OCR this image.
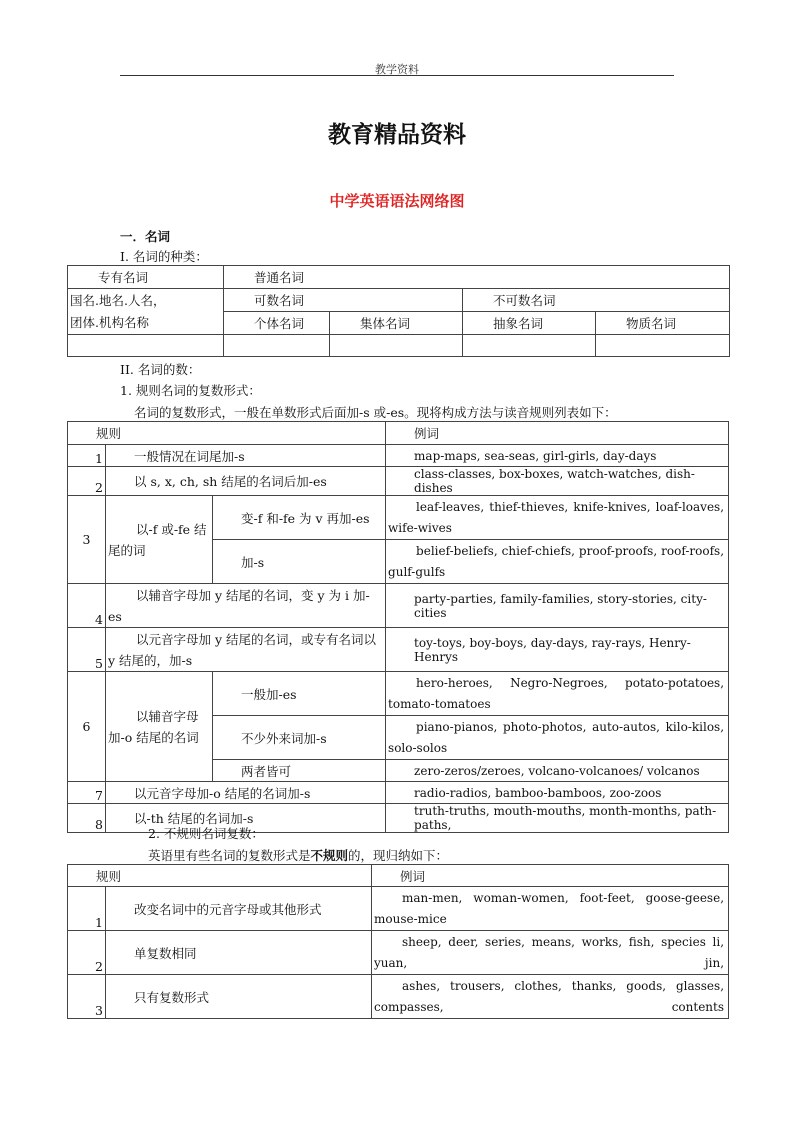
教学资料
教育精品资料
中学英语语法网络图
一．名词
I. 名词的种类：
专有名词	普通名词			

国名.地名.人名，
团体.机构名称	可数名词		不可数名词	
	个体名词	集体名词	抽象名词	物质名词

II. 名词的数：
1. 规则名词的复数形式：
名词的复数形式，一般在单数形式后面加-s 或-es。现将构成方法与读音规则列表如下：
规则			例词
1	一般情况在词尾加-s		map-maps, sea-seas, girl-girls, day-days
2	以 s, x, ch, sh 结尾的名词后加-es		class-classes, box-boxes, watch-watches, dish-dishes
3	以-f 或-fe 结尾的词	变-f 和-fe 为 v 再加-es	leaf-leaves, thief-thieves, knife-knives, loaf-loaves, wife-wives
		加-s	belief-beliefs, chief-chiefs, proof-proofs, roof-roofs, gulf-gulfs
4	以辅音字母加 y 结尾的名词，变 y 为 i 加-es		party-parties, family-families, story-stories, city-cities
5	以元音字母加 y 结尾的名词，或专有名词以 y 结尾的，加-s		toy-toys, boy-boys, day-days, ray-rays, Henry-Henrys
6	以辅音字母加-o 结尾的名词	一般加-es	hero-heroes, Negro-Negroes, potato-potatoes, tomato-tomatoes
		不少外来词加-s	piano-pianos, photo-photos, auto-autos, kilo-kilos, solo-solos
		两者皆可	zero-zeros/zeroes, volcano-volcanoes/ volcanos
7	以元音字母加-o 结尾的名词加-s		radio-radios, bamboo-bamboos, zoo-zoos
8	以-th 结尾的名词加-s		truth-truths, mouth-mouths, month-months, path-paths,
2. 不规则名词复数：
英语里有些名词的复数形式是不规则的，现归纳如下：
规则		例词
1	改变名词中的元音字母或其他形式	man-men, woman-women, foot-feet, goose-geese, mouse-mice
2	单复数相同	sheep, deer, series, means, works, fish, species li, yuan, jin,
3	只有复数形式	ashes, trousers, clothes, thanks, goods, glasses, compasses, contents
